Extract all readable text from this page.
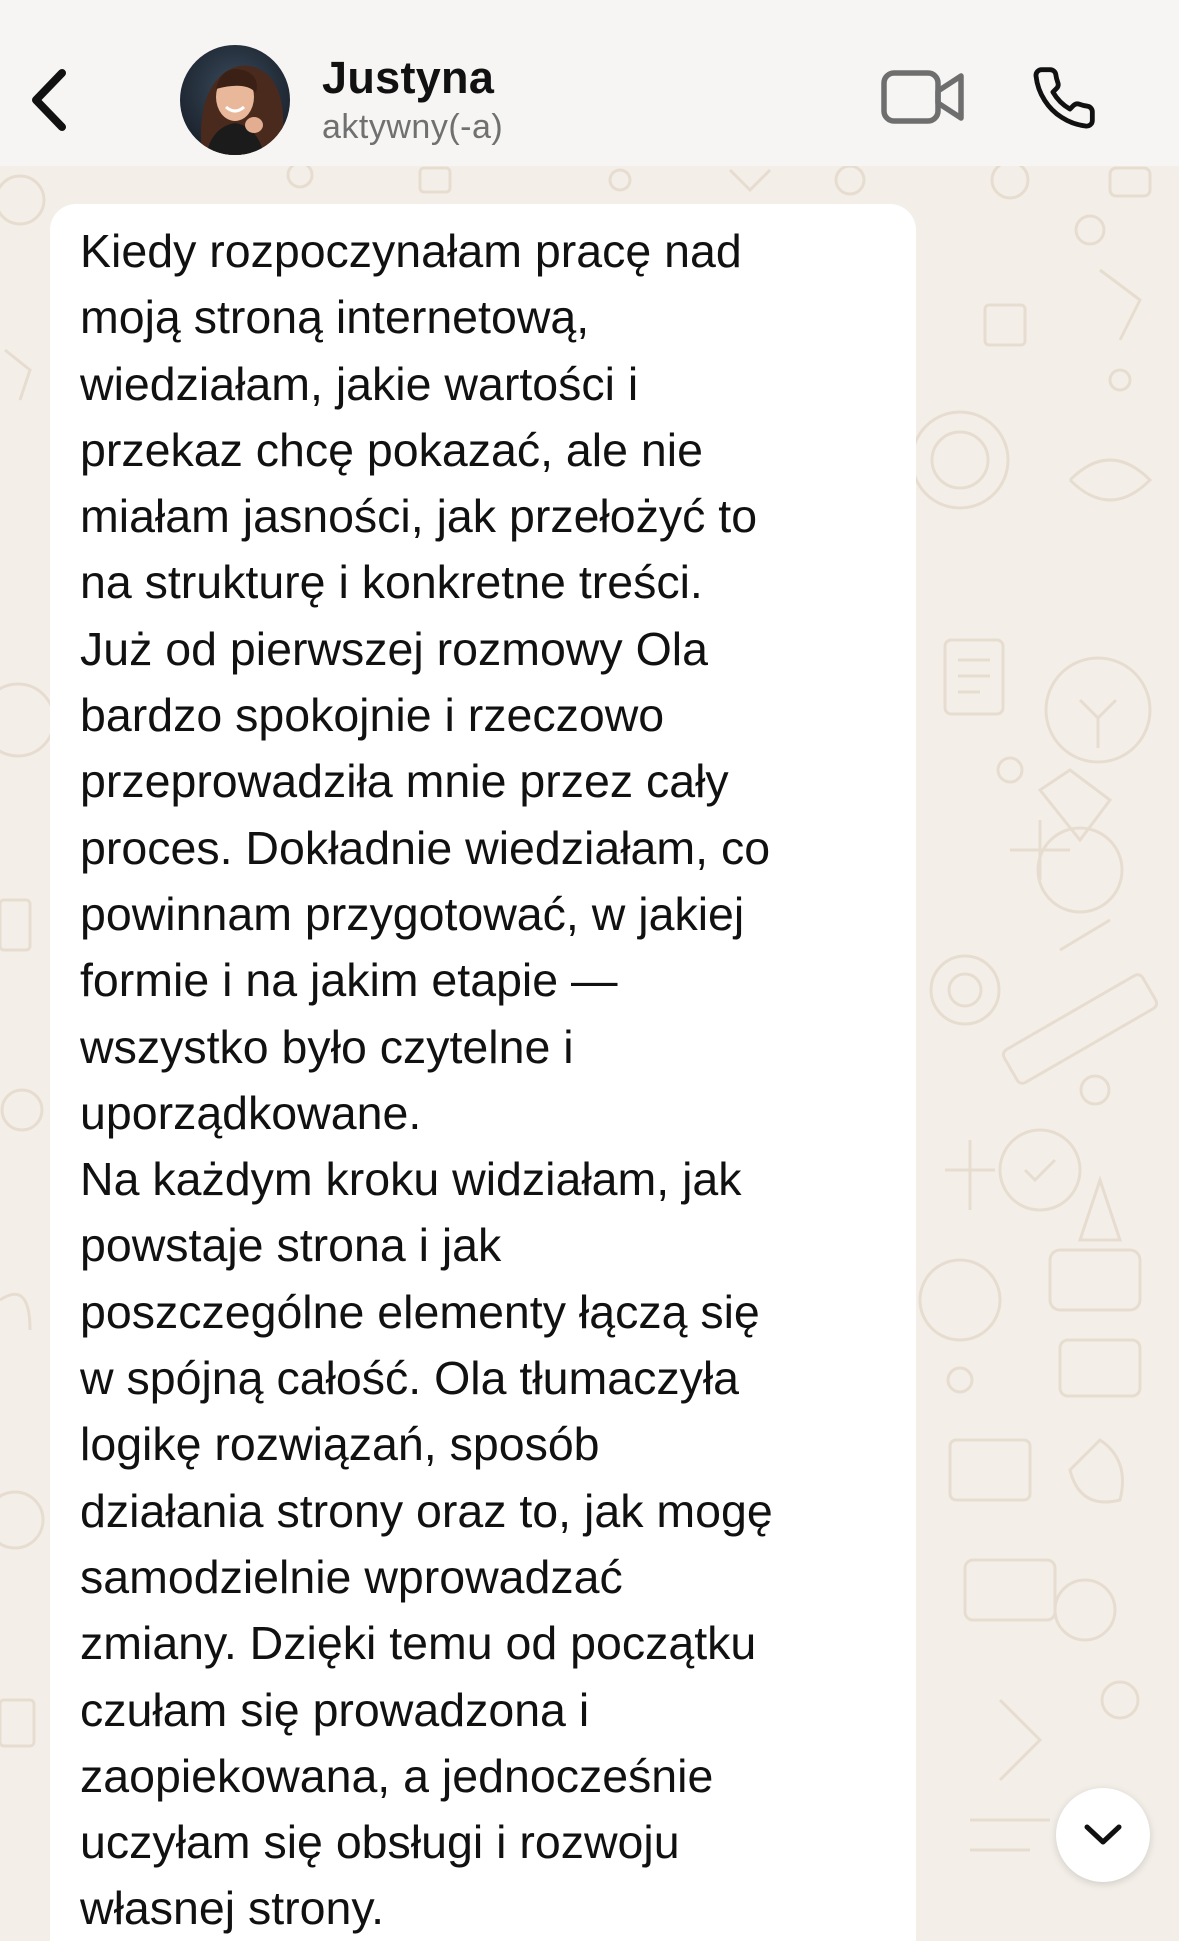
Justyna
aktywny(-a)

Kiedy rozpoczynałam pracę nad
moją stroną internetową,
wiedziałam, jakie wartości i
przekaz chcę pokazać, ale nie
miałam jasności, jak przełożyć to
na strukturę i konkretne treści.
Już od pierwszej rozmowy Ola
bardzo spokojnie i rzeczowo
przeprowadziła mnie przez cały
proces. Dokładnie wiedziałam, co
powinnam przygotować, w jakiej
formie i na jakim etapie —
wszystko było czytelne i
uporządkowane.
Na każdym kroku widziałam, jak
powstaje strona i jak
poszczególne elementy łączą się
w spójną całość. Ola tłumaczyła
logikę rozwiązań, sposób
działania strony oraz to, jak mogę
samodzielnie wprowadzać
zmiany. Dzięki temu od początku
czułam się prowadzona i
zaopiekowana, a jednocześnie
uczyłam się obsługi i rozwoju
własnej strony.
